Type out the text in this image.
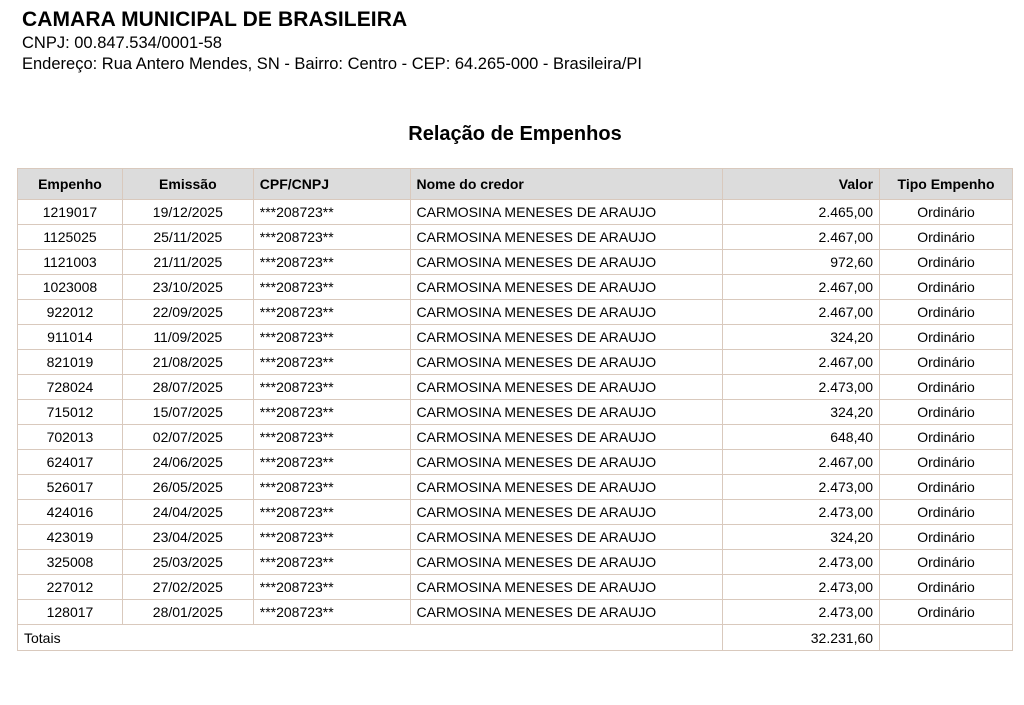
CAMARA MUNICIPAL DE BRASILEIRA
CNPJ: 00.847.534/0001-58
Endereço: Rua Antero Mendes, SN - Bairro: Centro - CEP: 64.265-000 - Brasileira/PI
Relação de Empenhos
Empenho	Emissão	CPF/CNPJ	Nome do credor	Valor	Tipo Empenho
1219017	19/12/2025	***208723**	CARMOSINA MENESES DE ARAUJO	2.465,00	Ordinário
1125025	25/11/2025	***208723**	CARMOSINA MENESES DE ARAUJO	2.467,00	Ordinário
1121003	21/11/2025	***208723**	CARMOSINA MENESES DE ARAUJO	972,60	Ordinário
1023008	23/10/2025	***208723**	CARMOSINA MENESES DE ARAUJO	2.467,00	Ordinário
922012	22/09/2025	***208723**	CARMOSINA MENESES DE ARAUJO	2.467,00	Ordinário
911014	11/09/2025	***208723**	CARMOSINA MENESES DE ARAUJO	324,20	Ordinário
821019	21/08/2025	***208723**	CARMOSINA MENESES DE ARAUJO	2.467,00	Ordinário
728024	28/07/2025	***208723**	CARMOSINA MENESES DE ARAUJO	2.473,00	Ordinário
715012	15/07/2025	***208723**	CARMOSINA MENESES DE ARAUJO	324,20	Ordinário
702013	02/07/2025	***208723**	CARMOSINA MENESES DE ARAUJO	648,40	Ordinário
624017	24/06/2025	***208723**	CARMOSINA MENESES DE ARAUJO	2.467,00	Ordinário
526017	26/05/2025	***208723**	CARMOSINA MENESES DE ARAUJO	2.473,00	Ordinário
424016	24/04/2025	***208723**	CARMOSINA MENESES DE ARAUJO	2.473,00	Ordinário
423019	23/04/2025	***208723**	CARMOSINA MENESES DE ARAUJO	324,20	Ordinário
325008	25/03/2025	***208723**	CARMOSINA MENESES DE ARAUJO	2.473,00	Ordinário
227012	27/02/2025	***208723**	CARMOSINA MENESES DE ARAUJO	2.473,00	Ordinário
128017	28/01/2025	***208723**	CARMOSINA MENESES DE ARAUJO	2.473,00	Ordinário
Totais				32.231,60	
